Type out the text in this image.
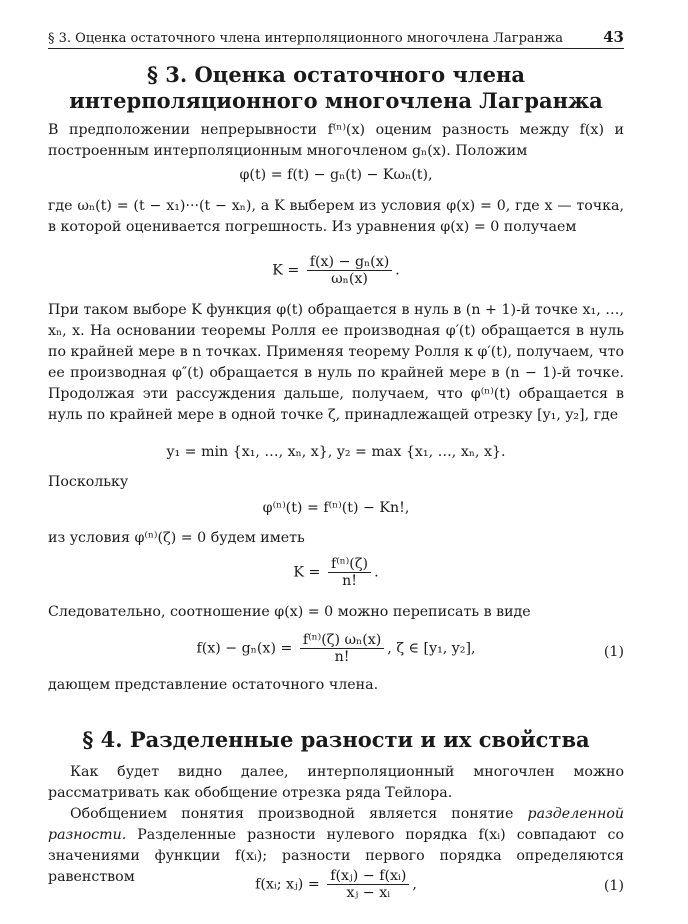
§ 3. Оценка остаточного члена интерполяционного многочлена Лагранжа	43
§ 3. Оценка остаточного члена
интерполяционного многочлена Лагранжа
В предположении непрерывности f⁽ⁿ⁾(x) оценим разность между f(x) и построенным интерполяционным многочленом gₙ(x). Положим
φ(t) = f(t) − gₙ(t) − Kωₙ(t),
где ωₙ(t) = (t − x₁)···(t − xₙ), а K выберем из условия φ(x) = 0, где x — точка, в которой оценивается погрешность. Из уравнения φ(x) = 0 получаем
$K = \frac{\text{f(x) − gₙ(x)}}{\text{ωₙ(x)}}$ .
При таком выборе K функция φ(t) обращается в нуль в (n + 1)-й точке x₁, …, xₙ, x. На основании теоремы Ролля ее производная φ′(t) обращается в нуль по крайней мере в n точках. Применяя теорему Ролля к φ′(t), получаем, что ее производная φ″(t) обращается в нуль по крайней мере в (n − 1)-й точке. Продолжая эти рассуждения дальше, получаем, что φ⁽ⁿ⁾(t) обращается в нуль по крайней мере в одной точке ζ, принадлежащей отрезку [y₁, y₂], где
y₁ = min {x₁, …, xₙ, x}, y₂ = max {x₁, …, xₙ, x}.
Поскольку
φ⁽ⁿ⁾(t) = f⁽ⁿ⁾(t) − Kn!,
из условия φ⁽ⁿ⁾(ζ) = 0 будем иметь
$K = \frac{\text{f⁽ⁿ⁾(ζ)}}{n!}$ .
Следовательно, соотношение φ(x) = 0 можно переписать в виде
$f(x) - g_n(x) = \frac{\text{f⁽ⁿ⁾(ζ) ωₙ(x)}}{n!}$ , ζ ∈ [y₁, y₂],	(1)
дающем представление остаточного члена.
§ 4. Разделенные разности и их свойства
Как будет видно далее, интерполяционный многочлен можно рассматривать как обобщение отрезка ряда Тейлора.
Обобщением понятия производной является понятие разделенной разности. Разделенные разности нулевого порядка f(xᵢ) совпадают со значениями функции f(xᵢ); разности первого порядка определяются равенством	f(xᵢ; xⱼ) = $\frac{\text{f(xⱼ) − f(xᵢ)}}{\text{xⱼ − xᵢ}}$ ,	(1)
